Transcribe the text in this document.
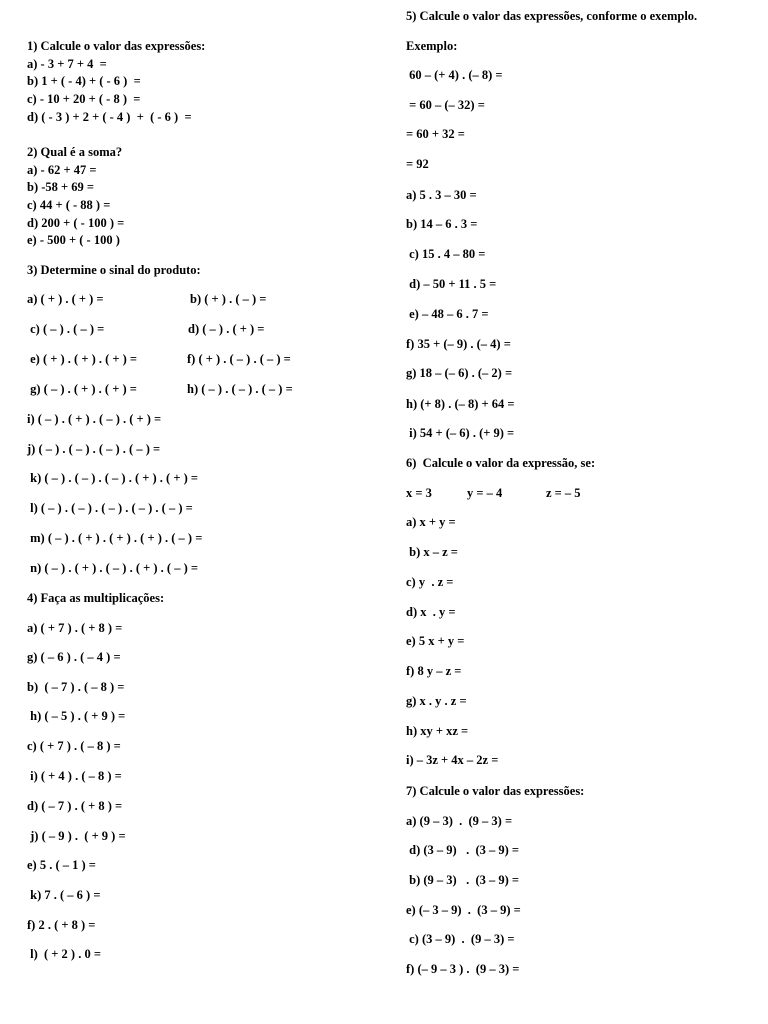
1) Calcule o valor das expressões:
a) - 3 + 7 + 4  =
b) 1 + ( - 4) + ( - 6 )  =
c) - 10 + 20 + ( - 8 )  =
d) ( - 3 ) + 2 + ( - 4 )  +  ( - 6 )  =
2) Qual é a soma?
a) - 62 + 47 =
b) -58 + 69 =
c) 44 + ( - 88 ) =
d) 200 + ( - 100 ) =
e) - 500 + ( - 100 )
3) Determine o sinal do produto:
a) ( + ) . ( + ) =	b) ( + ) . ( – ) =
c) ( – ) . ( – ) =	d) ( – ) . ( + ) =
e) ( + ) . ( + ) . ( + ) =	f) ( + ) . ( – ) . ( – ) =
g) ( – ) . ( + ) . ( + ) =	h) ( – ) . ( – ) . ( – ) =
i) ( – ) . ( + ) . ( – ) . ( + ) =
j) ( – ) . ( – ) . ( – ) . ( – ) =
k) ( – ) . ( – ) . ( – ) . ( + ) . ( + ) =
l) ( – ) . ( – ) . ( – ) . ( – ) . ( – ) =
m) ( – ) . ( + ) . ( + ) . ( + ) . ( – ) =
n) ( – ) . ( + ) . ( – ) . ( + ) . ( – ) =
4) Faça as multiplicações:
a) ( + 7 ) . ( + 8 ) =
g) ( – 6 ) . ( – 4 ) =
b)  ( – 7 ) . ( – 8 ) =
h) ( – 5 ) . ( + 9 ) =
c) ( + 7 ) . ( – 8 ) =
i) ( + 4 ) . ( – 8 ) =
d) ( – 7 ) . ( + 8 ) =
j) ( – 9 ) .  ( + 9 ) =
e) 5 . ( – 1 ) =
k) 7 . ( – 6 ) =
f) 2 . ( + 8 ) =
l)  ( + 2 ) . 0 =
5) Calcule o valor das expressões, conforme o exemplo.
Exemplo:
60 – (+ 4) . (– 8) =
= 60 – (– 32) =
= 60 + 32 =
= 92
a) 5 . 3 – 30 =
b) 14 – 6 . 3 =
c) 15 . 4 – 80 =
d) – 50 + 11 . 5 =
e) – 48 – 6 . 7 =
f) 35 + (– 9) . (– 4) =
g) 18 – (– 6) . (– 2) =
h) (+ 8) . (– 8) + 64 =
i) 54 + (– 6) . (+ 9) =
6)  Calcule o valor da expressão, se:
x = 3	y = – 4	z = – 5
a) x + y =
b) x – z =
c) y  . z =
d) x  . y =
e) 5 x + y =
f) 8 y – z =
g) x . y . z =
h) xy + xz =
i) – 3z + 4x – 2z =
7) Calcule o valor das expressões:
a) (9 – 3)  .  (9 – 3) =
d) (3 – 9)   .  (3 – 9) =
b) (9 – 3)   .  (3 – 9) =
e) (– 3 – 9)  .  (3 – 9) =
c) (3 – 9)  .  (9 – 3) =
f) (– 9 – 3 ) .  (9 – 3) =
